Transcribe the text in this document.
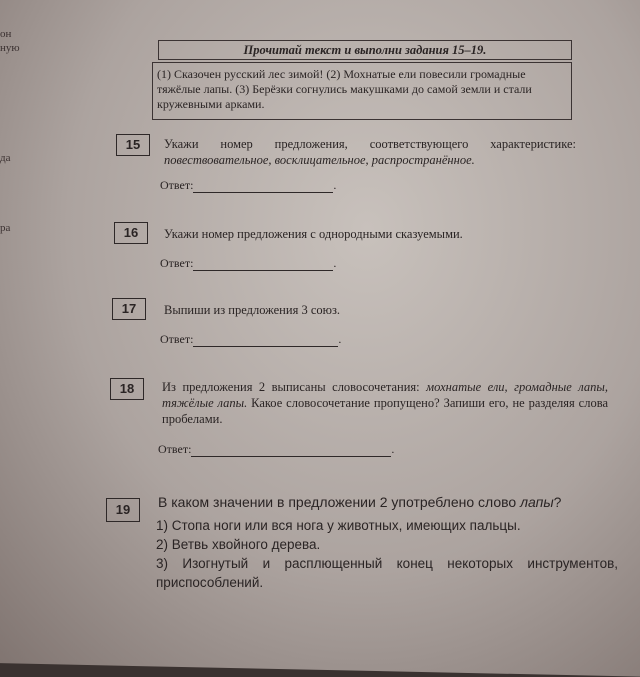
он
ную
да
ра
Прочитай текст и выполни задания 15–19.
(1) Сказочен русский лес зимой! (2) Мохнатые ели повесили громадные тяжёлые лапы. (3) Берёзки согнулись макушками до самой земли и стали кружевными арками.
15	Укажи номер предложения, соответствующего характеристике: повествовательное, восклицательное, распространённое.
Ответ:	.
16	Укажи номер предложения с однородными сказуемыми.
Ответ:	.
17	Выпиши из предложения 3 союз.
Ответ:	.
18	Из предложения 2 выписаны словосочетания: мохнатые ели, громадные лапы, тяжёлые лапы. Какое словосочетание пропущено? Запиши его, не разделяя слова пробелами.
Ответ:	.
19	В каком значении в предложении 2 употреблено слово лапы?
1) Стопа ноги или вся нога у животных, имеющих пальцы.
2) Ветвь хвойного дерева.
3) Изогнутый и расплющенный конец некоторых инструментов, приспособлений.
